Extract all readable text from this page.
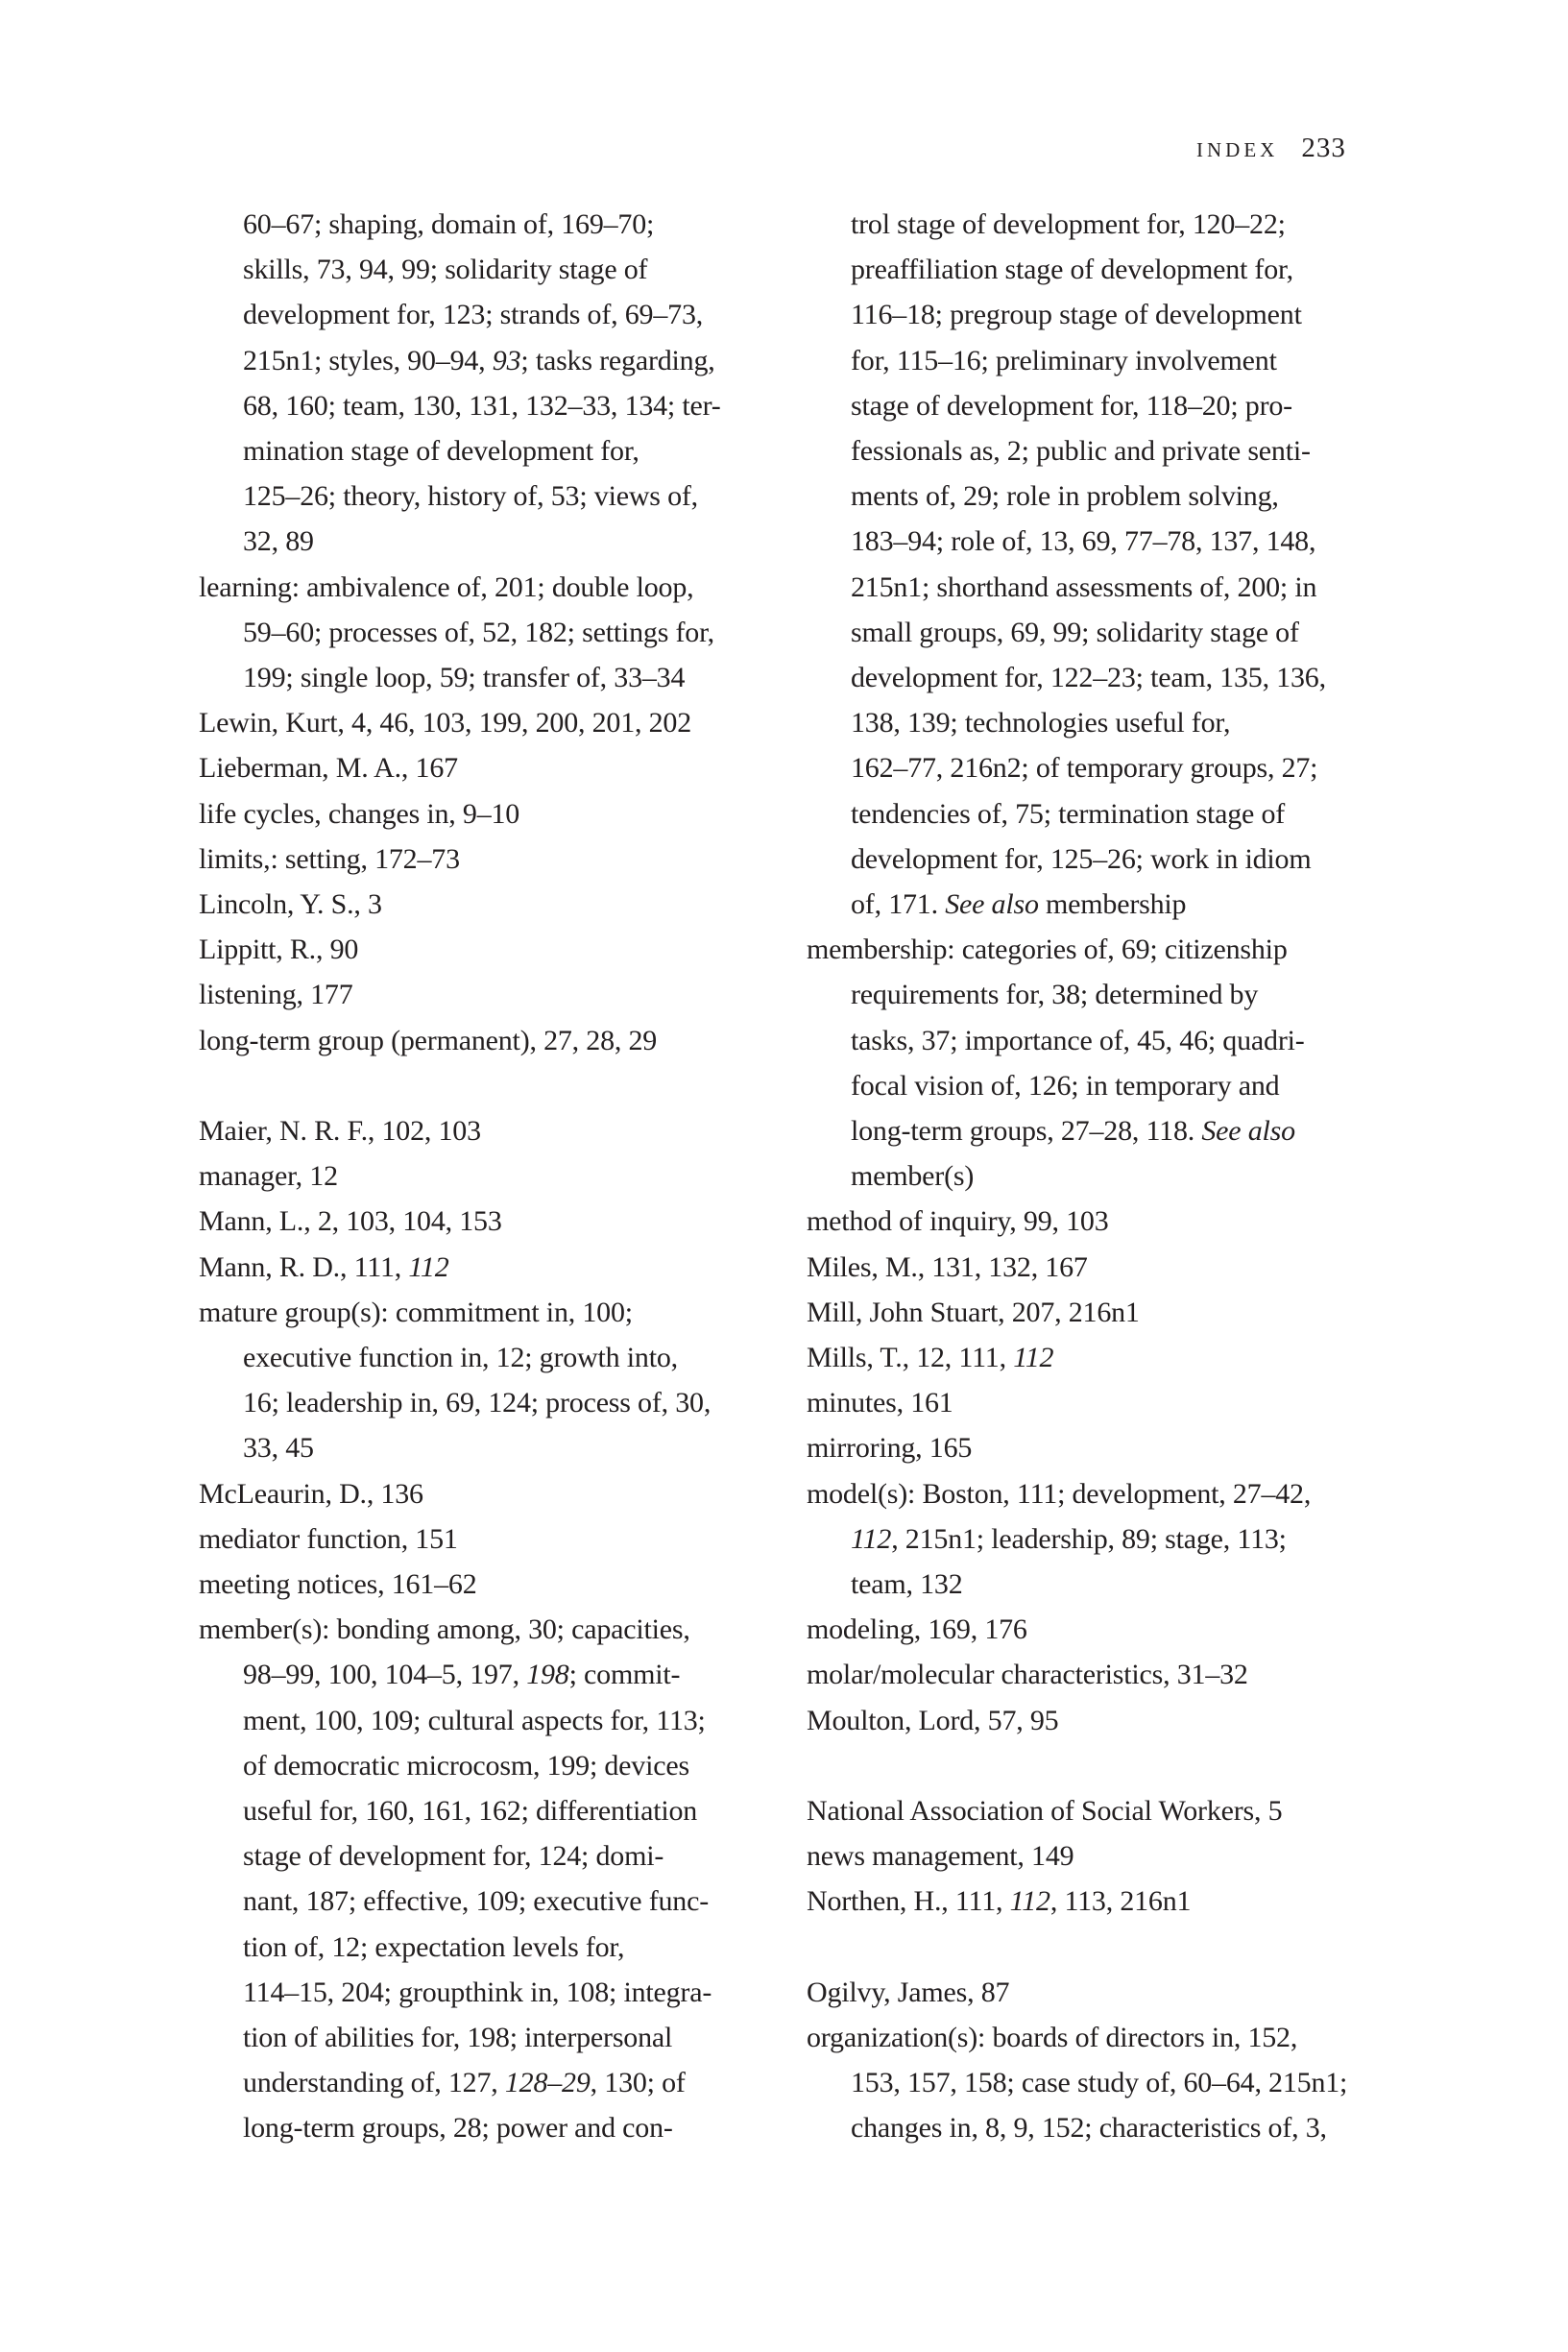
INDEX 233
60–67; shaping, domain of, 169–70;
skills, 73, 94, 99; solidarity stage of
development for, 123; strands of, 69–73,
215n1; styles, 90–94, 93; tasks regarding,
68, 160; team, 130, 131, 132–33, 134; ter-
mination stage of development for,
125–26; theory, history of, 53; views of,
32, 89
learning: ambivalence of, 201; double loop,
59–60; processes of, 52, 182; settings for,
199; single loop, 59; transfer of, 33–34
Lewin, Kurt, 4, 46, 103, 199, 200, 201, 202
Lieberman, M. A., 167
life cycles, changes in, 9–10
limits,: setting, 172–73
Lincoln, Y. S., 3
Lippitt, R., 90
listening, 177
long-term group (permanent), 27, 28, 29
Maier, N. R. F., 102, 103
manager, 12
Mann, L., 2, 103, 104, 153
Mann, R. D., 111, 112
mature group(s): commitment in, 100;
executive function in, 12; growth into,
16; leadership in, 69, 124; process of, 30,
33, 45
McLeaurin, D., 136
mediator function, 151
meeting notices, 161–62
member(s): bonding among, 30; capacities,
98–99, 100, 104–5, 197, 198; commit-
ment, 100, 109; cultural aspects for, 113;
of democratic microcosm, 199; devices
useful for, 160, 161, 162; differentiation
stage of development for, 124; domi-
nant, 187; effective, 109; executive func-
tion of, 12; expectation levels for,
114–15, 204; groupthink in, 108; integra-
tion of abilities for, 198; interpersonal
understanding of, 127, 128–29, 130; of
long-term groups, 28; power and con-
trol stage of development for, 120–22;
preaffiliation stage of development for,
116–18; pregroup stage of development
for, 115–16; preliminary involvement
stage of development for, 118–20; pro-
fessionals as, 2; public and private senti-
ments of, 29; role in problem solving,
183–94; role of, 13, 69, 77–78, 137, 148,
215n1; shorthand assessments of, 200; in
small groups, 69, 99; solidarity stage of
development for, 122–23; team, 135, 136,
138, 139; technologies useful for,
162–77, 216n2; of temporary groups, 27;
tendencies of, 75; termination stage of
development for, 125–26; work in idiom
of, 171. See also membership
membership: categories of, 69; citizenship
requirements for, 38; determined by
tasks, 37; importance of, 45, 46; quadri-
focal vision of, 126; in temporary and
long-term groups, 27–28, 118. See also
member(s)
method of inquiry, 99, 103
Miles, M., 131, 132, 167
Mill, John Stuart, 207, 216n1
Mills, T., 12, 111, 112
minutes, 161
mirroring, 165
model(s): Boston, 111; development, 27–42,
112, 215n1; leadership, 89; stage, 113;
team, 132
modeling, 169, 176
molar/molecular characteristics, 31–32
Moulton, Lord, 57, 95
National Association of Social Workers, 5
news management, 149
Northen, H., 111, 112, 113, 216n1
Ogilvy, James, 87
organization(s): boards of directors in, 152,
153, 157, 158; case study of, 60–64, 215n1;
changes in, 8, 9, 152; characteristics of, 3,
